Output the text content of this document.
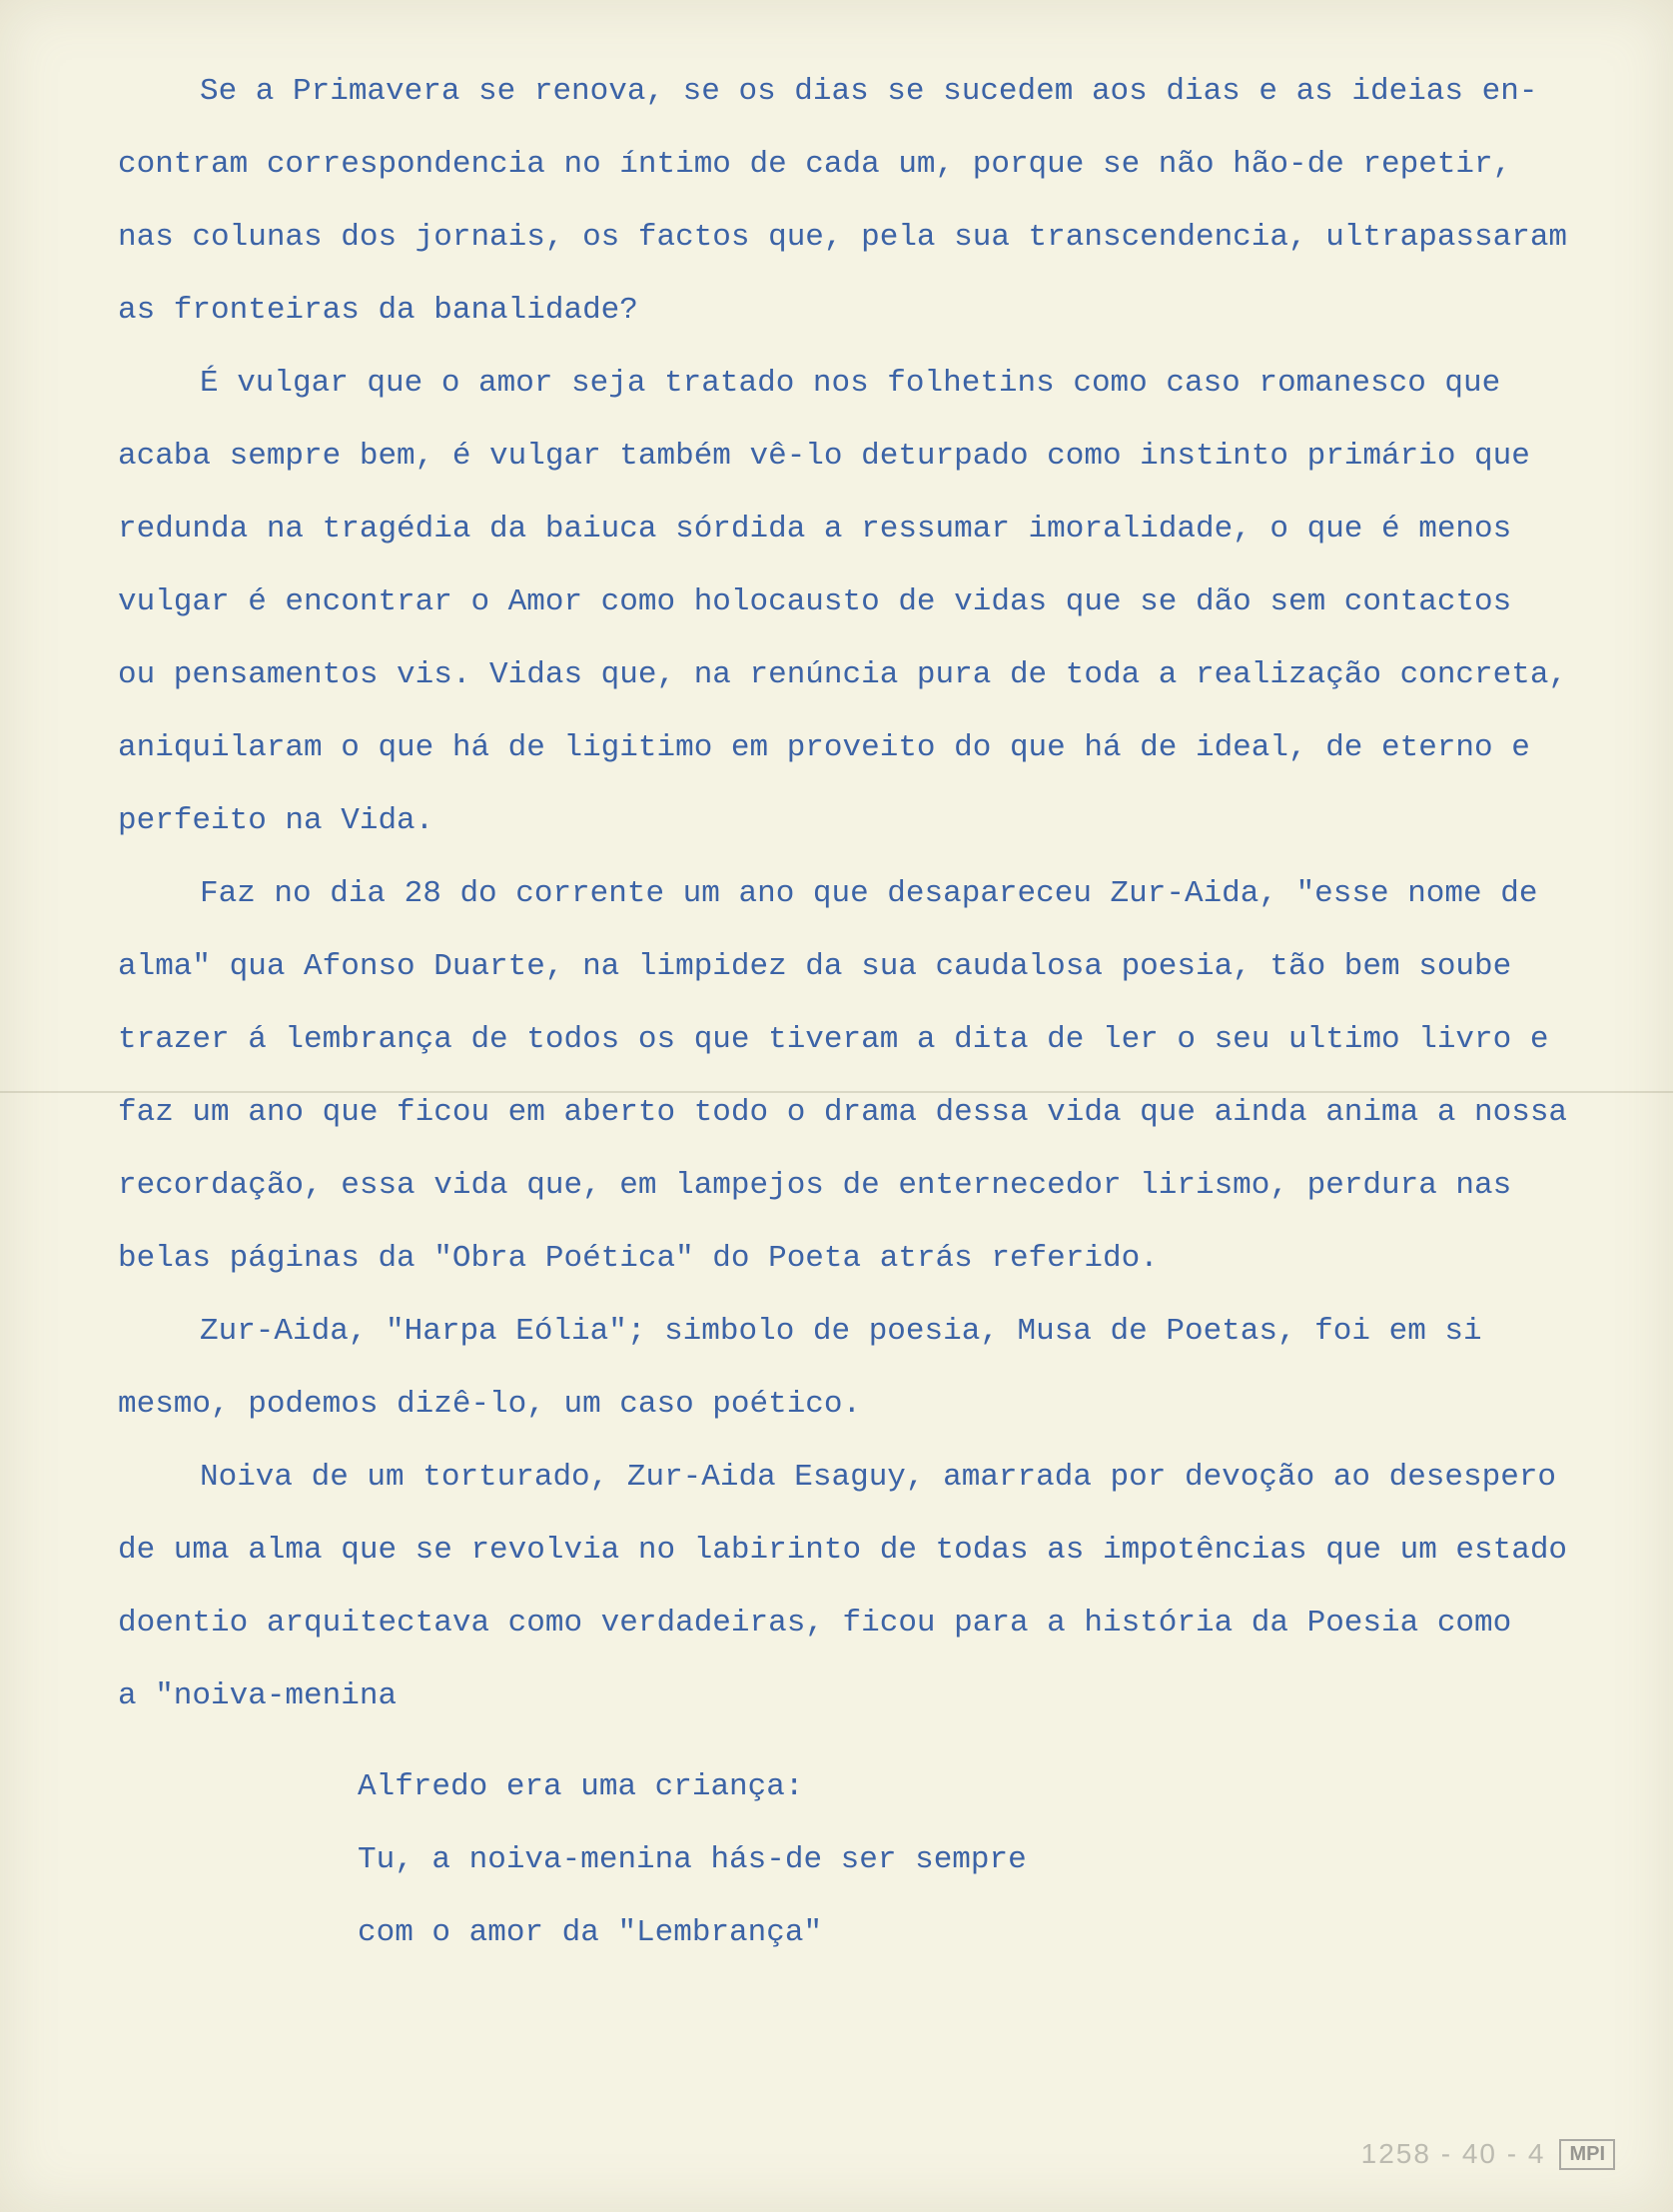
Se a Primavera se renova, se os dias se sucedem aos dias e as ideias en-
contram correspondencia no íntimo de cada um, porque se não hão-de repetir,
nas colunas dos jornais, os factos que, pela sua transcendencia, ultrapassaram
as fronteiras da banalidade?
É vulgar que o amor seja tratado nos folhetins como caso romanesco que
acaba sempre bem, é vulgar também vê-lo deturpado como instinto primário que
redunda na tragédia da baiuca sórdida a ressumar imoralidade, o que é menos
vulgar é encontrar o Amor como holocausto de vidas que se dão sem contactos
ou pensamentos vis. Vidas que, na renúncia pura de toda a realização concreta,
aniquilaram o que há de ligitimo em proveito do que há de ideal, de eterno e
perfeito na Vida.
Faz no dia 28 do corrente um ano que desapareceu Zur-Aida, "esse nome de
alma" qua Afonso Duarte, na limpidez da sua caudalosa poesia, tão bem soube
trazer á lembrança de todos os que tiveram a dita de ler o seu ultimo livro e
faz um ano que ficou em aberto todo o drama dessa vida que ainda anima a nossa
recordação, essa vida que, em lampejos de enternecedor lirismo, perdura nas
belas páginas da "Obra Poética" do Poeta atrás referido.
Zur-Aida, "Harpa Eólia"; simbolo de poesia, Musa de Poetas, foi em si
mesmo, podemos dizê-lo, um caso poético.
Noiva de um torturado, Zur-Aida Esaguy, amarrada por devoção ao desespero
de uma alma que se revolvia no labirinto de todas as impotências que um estado
doentio arquitectava como verdadeiras, ficou para a história da Poesia como
a "noiva-menina
Alfredo era uma criança:
Tu, a noiva-menina hás-de ser sempre
com o amor da "Lembrança"
1258 - 40 - 4	MPI
